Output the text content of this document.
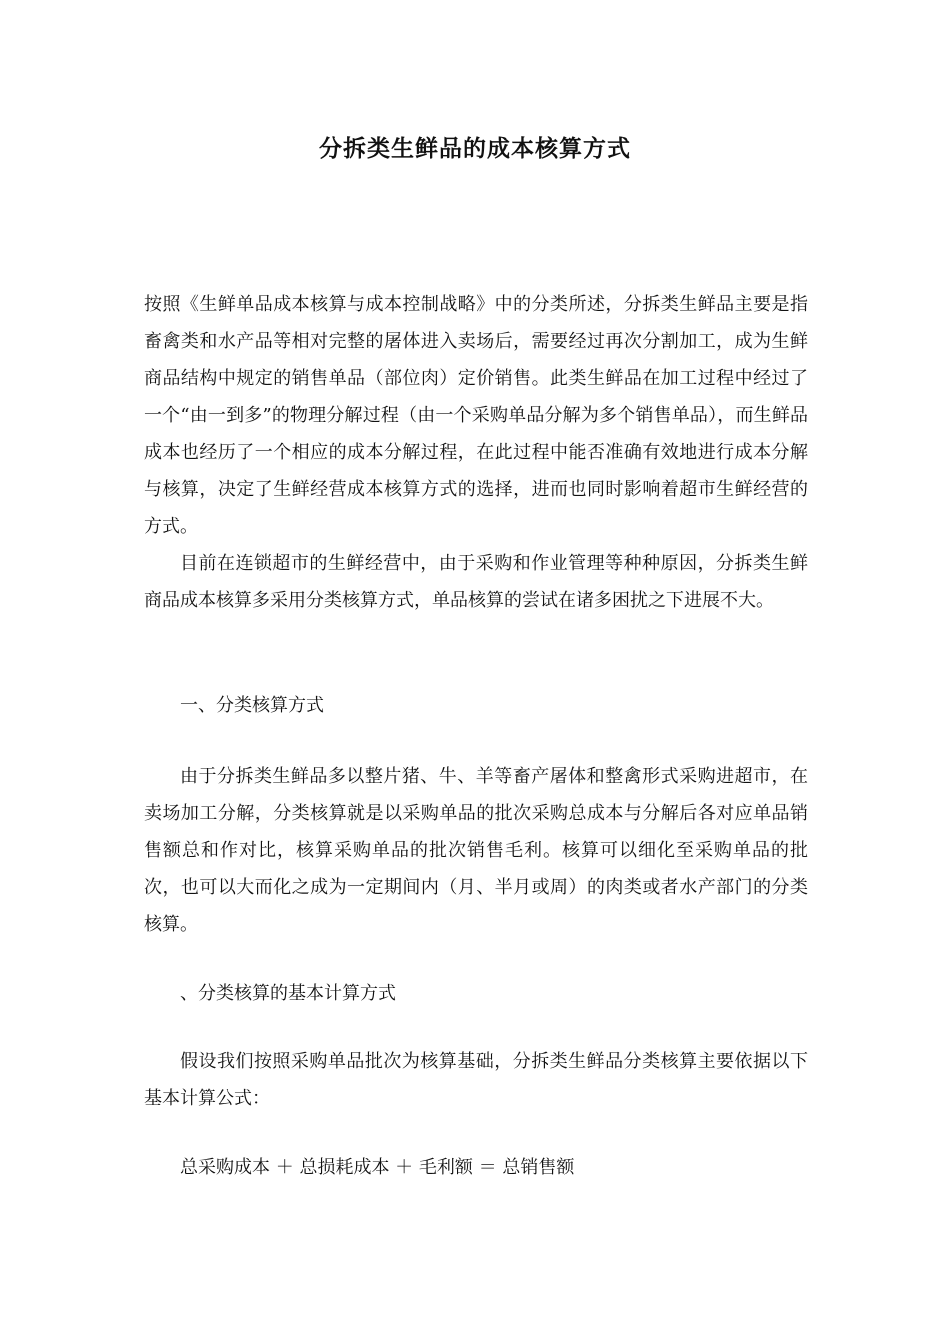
分拆类生鲜品的成本核算方式

按照《生鲜单品成本核算与成本控制战略》中的分类所述，分拆类生鲜品主要是指畜禽类和水产品等相对完整的屠体进入卖场后，需要经过再次分割加工，成为生鲜商品结构中规定的销售单品（部位肉）定价销售。此类生鲜品在加工过程中经过了一个“由一到多”的物理分解过程（由一个采购单品分解为多个销售单品），而生鲜品成本也经历了一个相应的成本分解过程，在此过程中能否准确有效地进行成本分解与核算，决定了生鲜经营成本核算方式的选择，进而也同时影响着超市生鲜经营的方式。

目前在连锁超市的生鲜经营中，由于采购和作业管理等种种原因，分拆类生鲜商品成本核算多采用分类核算方式，单品核算的尝试在诸多困扰之下进展不大。

一、分类核算方式

由于分拆类生鲜品多以整片猪、牛、羊等畜产屠体和整禽形式采购进超市，在卖场加工分解，分类核算就是以采购单品的批次采购总成本与分解后各对应单品销售额总和作对比，核算采购单品的批次销售毛利。核算可以细化至采购单品的批次，也可以大而化之成为一定期间内（月、半月或周）的肉类或者水产部门的分类核算。

、分类核算的基本计算方式

假设我们按照采购单品批次为核算基础，分拆类生鲜品分类核算主要依据以下基本计算公式：

总采购成本 ＋ 总损耗成本 ＋ 毛利额 ＝ 总销售额
